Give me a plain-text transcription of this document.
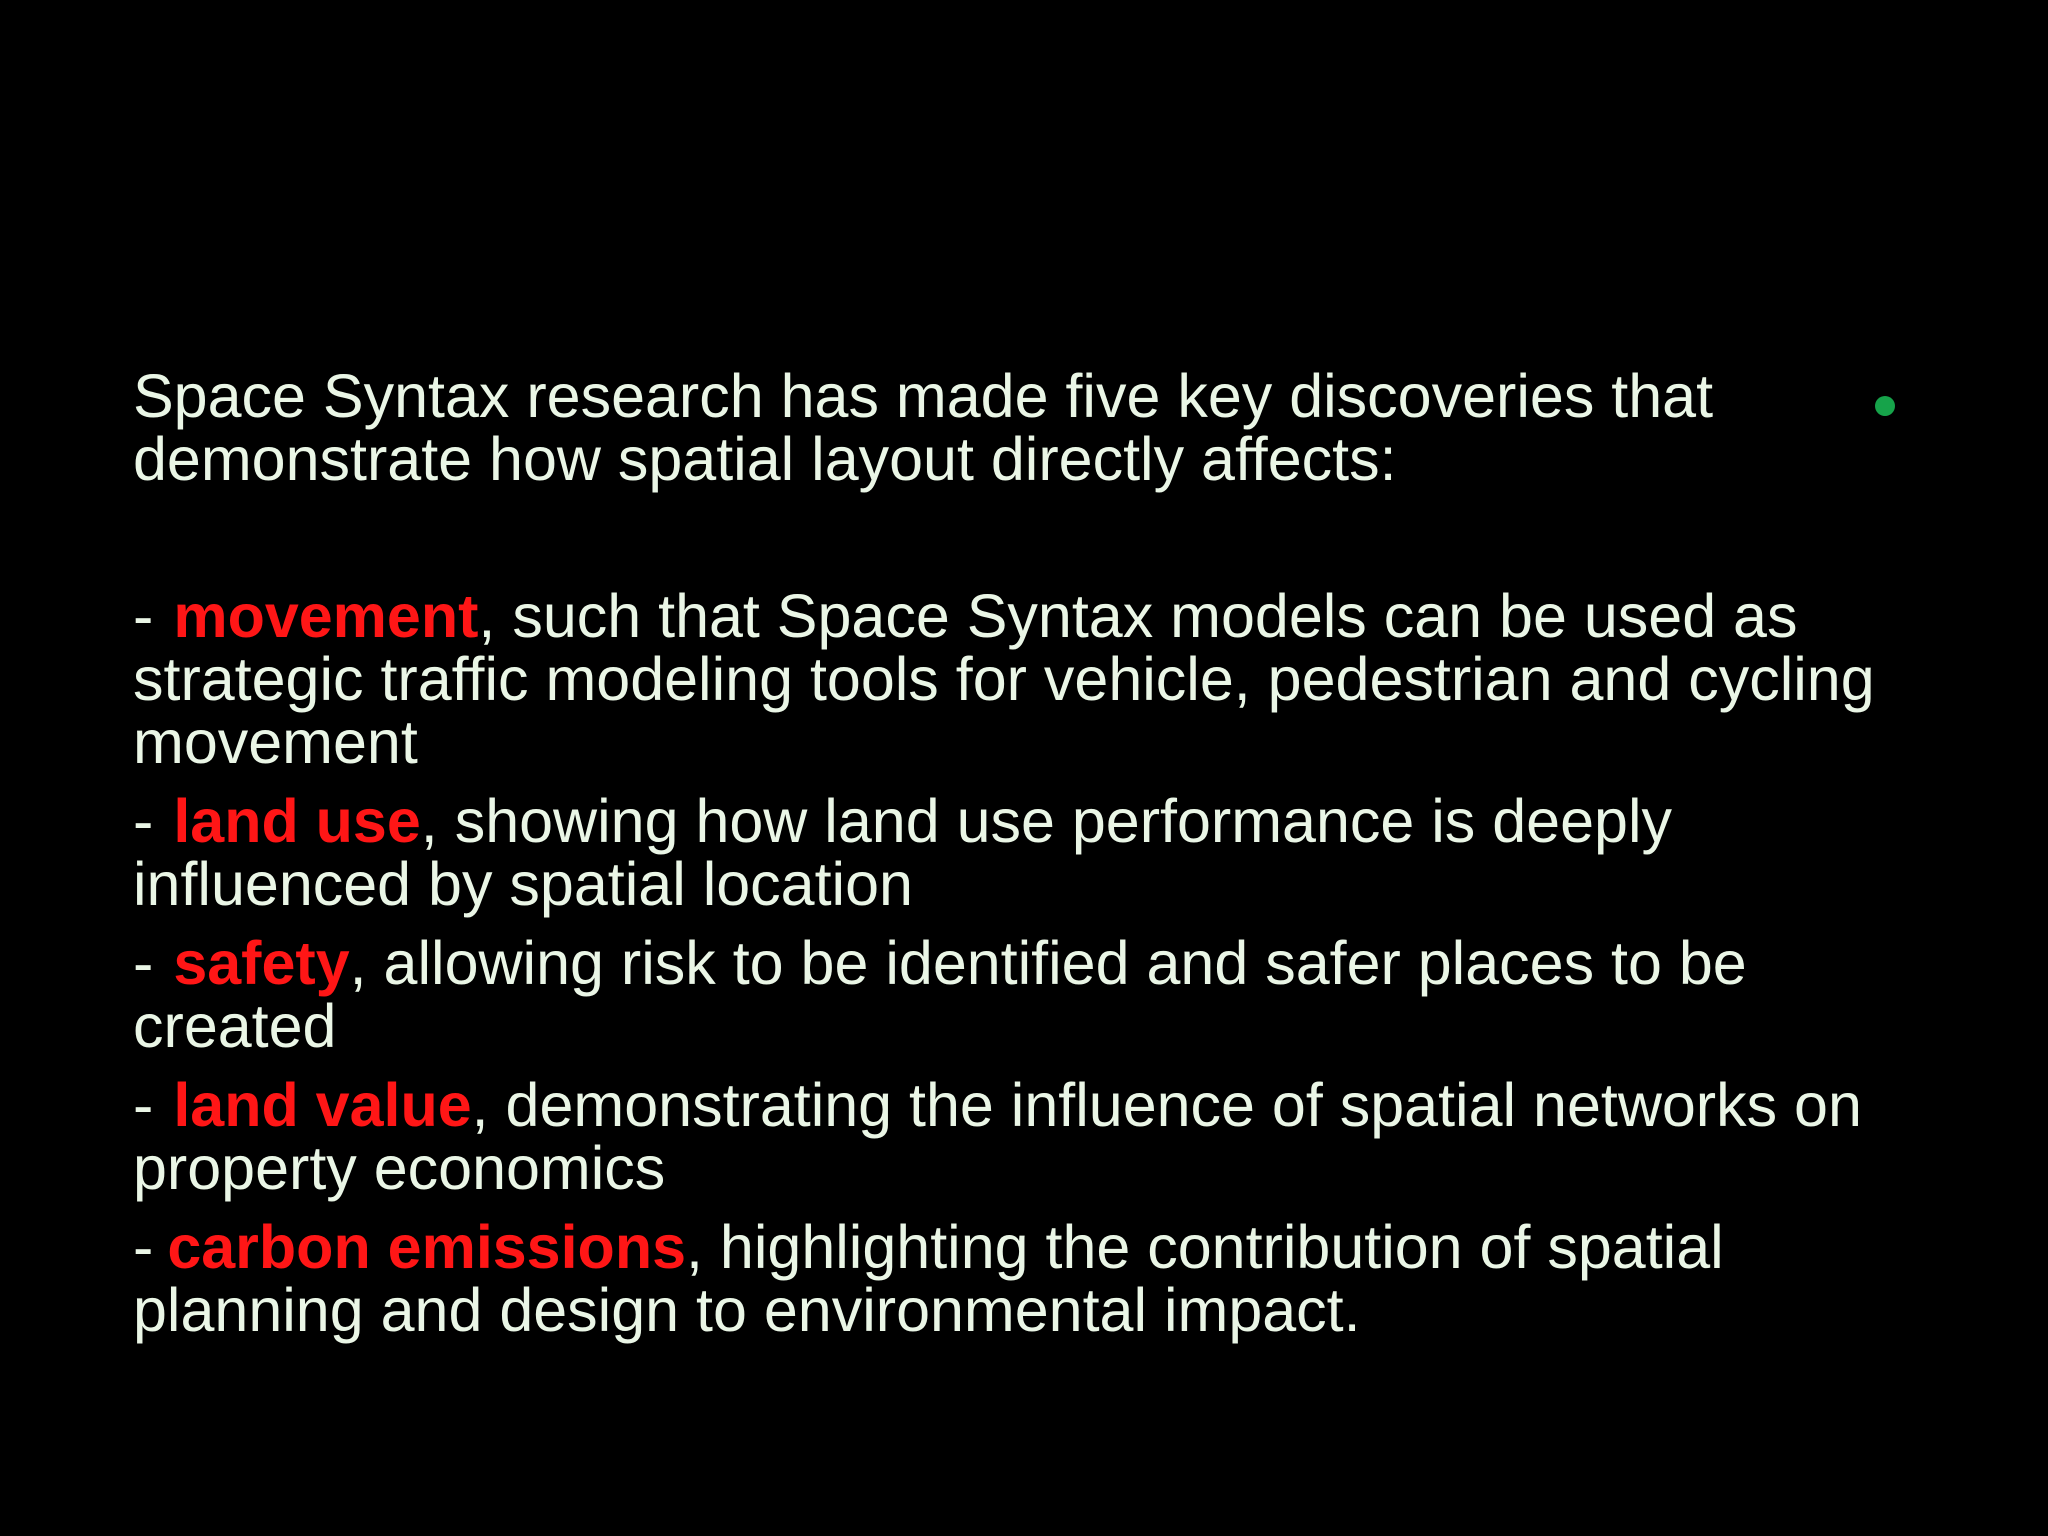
Space Syntax research has made five key discoveries that demonstrate how spatial layout directly affects:

- movement, such that Space Syntax models can be used as strategic traffic modeling tools for vehicle, pedestrian and cycling movement
- land use, showing how land use performance is deeply influenced by spatial location
- safety, allowing risk to be identified and safer places to be created
- land value, demonstrating the influence of spatial networks on property economics
- carbon emissions, highlighting the contribution of spatial planning and design to environmental impact.
